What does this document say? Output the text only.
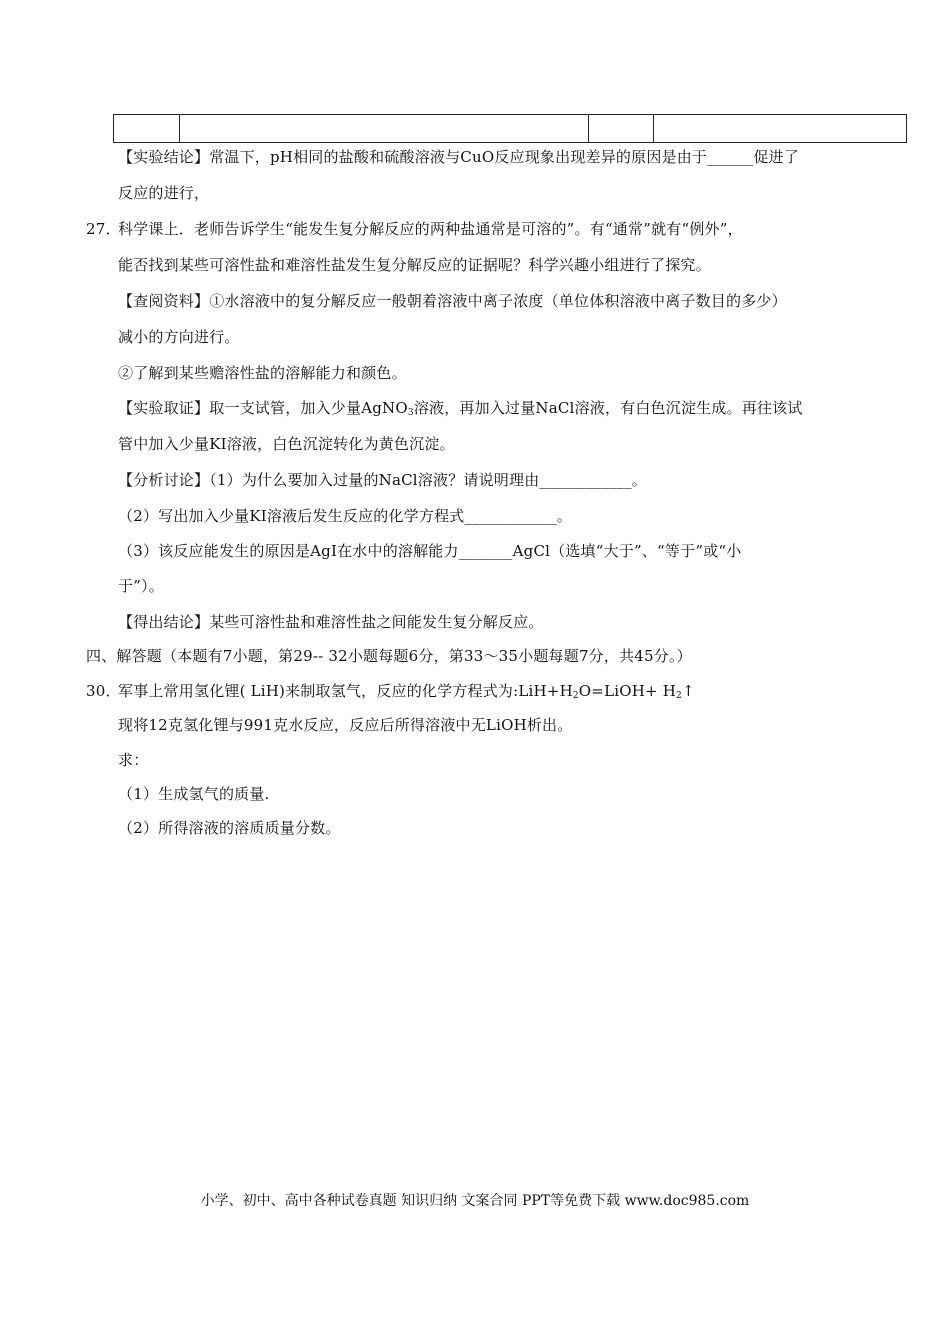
【实验结论】常温下，pH相同的盐酸和硫酸溶液与CuO反应现象出现差异的原因是由于______促进了
反应的进行，
27．科学课上．老师告诉学生“能发生复分解反应的两种盐通常是可溶的”。有“通常”就有“例外”，
能否找到某些可溶性盐和难溶性盐发生复分解反应的证据呢？科学兴趣小组进行了探究。
【查阅资料】①水溶液中的复分解反应一般朝着溶液中离子浓度（单位体积溶液中离子数目的多少）
减小的方向进行。
②了解到某些赡溶性盐的溶解能力和颜色。
【实验取证】取一支试管，加入少量AgNO$_3$溶液，再加入过量NaCl溶液，有白色沉淀生成。再往该试
管中加入少量KI溶液，白色沉淀转化为黄色沉淀。
【分析讨论】（1）为什么要加入过量的NaCl溶液？请说明理由____________。
（2）写出加入少量KI溶液后发生反应的化学方程式____________。
（3）该反应能发生的原因是AgI在水中的溶解能力_______AgCl（选填“大于”、“等于”或“小
于”）。
【得出结论】某些可溶性盐和难溶性盐之间能发生复分解反应。
四、解答题（本题有7小题，第29-- 32小题每题6分，第33～35小题每题7分，共45分。）
30．军事上常用氢化锂( LiH)来制取氢气，反应的化学方程式为$:LiH+H_2O=LiOH+$ $H_2↑$
现将12克氢化锂与991克水反应，反应后所得溶液中无LiOH析出。
求：
（1）生成氢气的质量.
（2）所得溶液的溶质质量分数。
小学、初中、高中各种试卷真题 知识归纳 文案合同 PPT等免费下载 www.doc985.com
